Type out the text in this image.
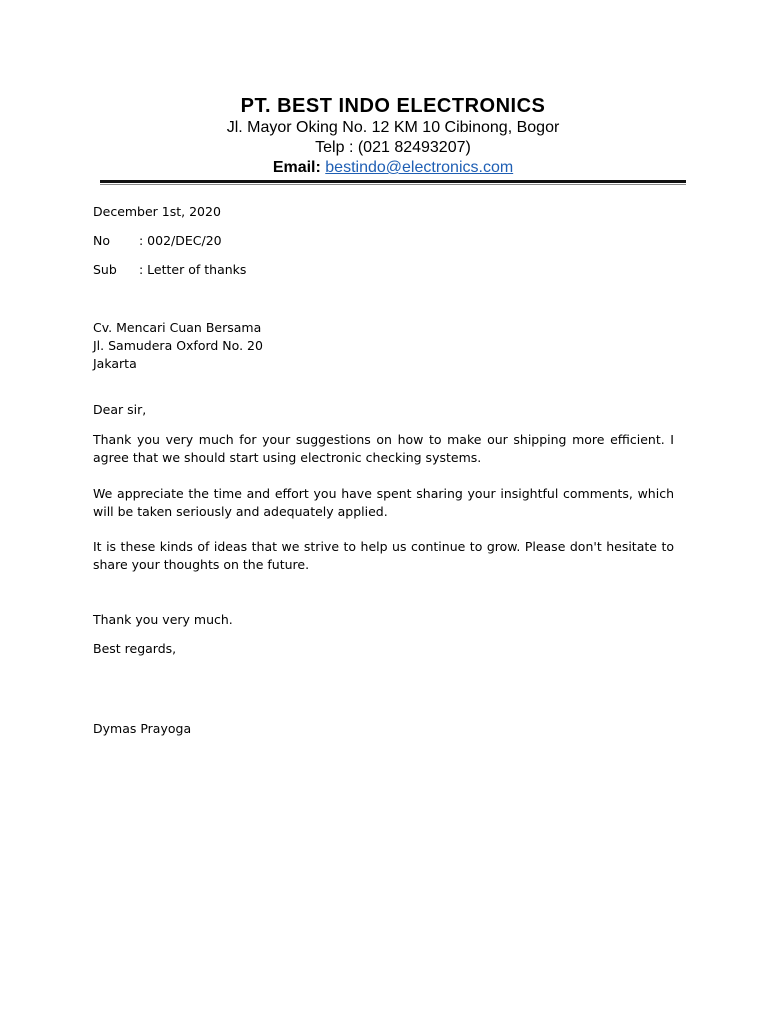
PT. BEST INDO ELECTRONICS

Jl. Mayor Oking No. 12 KM 10 Cibinong, Bogor

Telp : (021 82493207)

Email: bestindo@electronics.com

December 1st, 2020

No	: 002/DEC/20
Sub	: Letter of thanks
Cv. Mencari Cuan Bersama
Jl. Samudera Oxford No. 20
Jakarta

Dear sir,

Thank you very much for your suggestions on how to make our shipping more efficient. I agree that we should start using electronic checking systems.

We appreciate the time and effort you have spent sharing your insightful comments, which will be taken seriously and adequately applied.

It is these kinds of ideas that we strive to help us continue to grow. Please don't hesitate to share your thoughts on the future.

Thank you very much.

Best regards,

Dymas Prayoga
